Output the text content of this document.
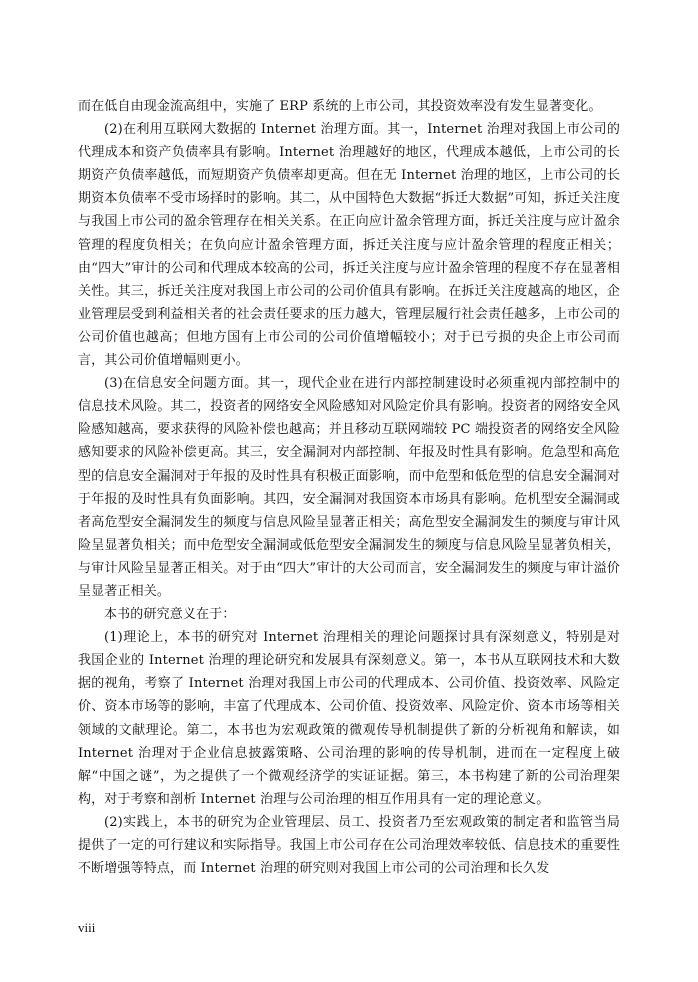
而在低自由现金流高组中，实施了 ERP 系统的上市公司，其投资效率没有发生显著变化。

(2)在利用互联网大数据的 Internet 治理方面。其一，Internet 治理对我国上市公司的代理成本和资产负债率具有影响。Internet 治理越好的地区，代理成本越低，上市公司的长期资产负债率越低，而短期资产负债率却更高。但在无 Internet 治理的地区，上市公司的长期资本负债率不受市场择时的影响。其二，从中国特色大数据“拆迁大数据”可知，拆迁关注度与我国上市公司的盈余管理存在相关关系。在正向应计盈余管理方面，拆迁关注度与应计盈余管理的程度负相关；在负向应计盈余管理方面，拆迁关注度与应计盈余管理的程度正相关；由“四大”审计的公司和代理成本较高的公司，拆迁关注度与应计盈余管理的程度不存在显著相关性。其三，拆迁关注度对我国上市公司的公司价值具有影响。在拆迁关注度越高的地区，企业管理层受到利益相关者的社会责任要求的压力越大，管理层履行社会责任越多，上市公司的公司价值也越高；但地方国有上市公司的公司价值增幅较小；对于已亏损的央企上市公司而言，其公司价值增幅则更小。

(3)在信息安全问题方面。其一，现代企业在进行内部控制建设时必须重视内部控制中的信息技术风险。其二，投资者的网络安全风险感知对风险定价具有影响。投资者的网络安全风险感知越高，要求获得的风险补偿也越高；并且移动互联网端较 PC 端投资者的网络安全风险感知要求的风险补偿更高。其三，安全漏洞对内部控制、年报及时性具有影响。危急型和高危型的信息安全漏洞对于年报的及时性具有积极正面影响，而中危型和低危型的信息安全漏洞对于年报的及时性具有负面影响。其四，安全漏洞对我国资本市场具有影响。危机型安全漏洞或者高危型安全漏洞发生的频度与信息风险呈显著正相关；高危型安全漏洞发生的频度与审计风险呈显著负相关；而中危型安全漏洞或低危型安全漏洞发生的频度与信息风险呈显著负相关，与审计风险呈显著正相关。对于由“四大”审计的大公司而言，安全漏洞发生的频度与审计溢价呈显著正相关。

本书的研究意义在于：

(1)理论上，本书的研究对 Internet 治理相关的理论问题探讨具有深刻意义，特别是对我国企业的 Internet 治理的理论研究和发展具有深刻意义。第一，本书从互联网技术和大数据的视角，考察了 Internet 治理对我国上市公司的代理成本、公司价值、投资效率、风险定价、资本市场等的影响，丰富了代理成本、公司价值、投资效率、风险定价、资本市场等相关领域的文献理论。第二，本书也为宏观政策的微观传导机制提供了新的分析视角和解读，如 Internet 治理对于企业信息披露策略、公司治理的影响的传导机制，进而在一定程度上破解“中国之谜”，为之提供了一个微观经济学的实证证据。第三，本书构建了新的公司治理架构，对于考察和剖析 Internet 治理与公司治理的相互作用具有一定的理论意义。

(2)实践上，本书的研究为企业管理层、员工、投资者乃至宏观政策的制定者和监管当局提供了一定的可行建议和实际指导。我国上市公司存在公司治理效率较低、信息技术的重要性不断增强等特点，而 Internet 治理的研究则对我国上市公司的公司治理和长久发

viii
